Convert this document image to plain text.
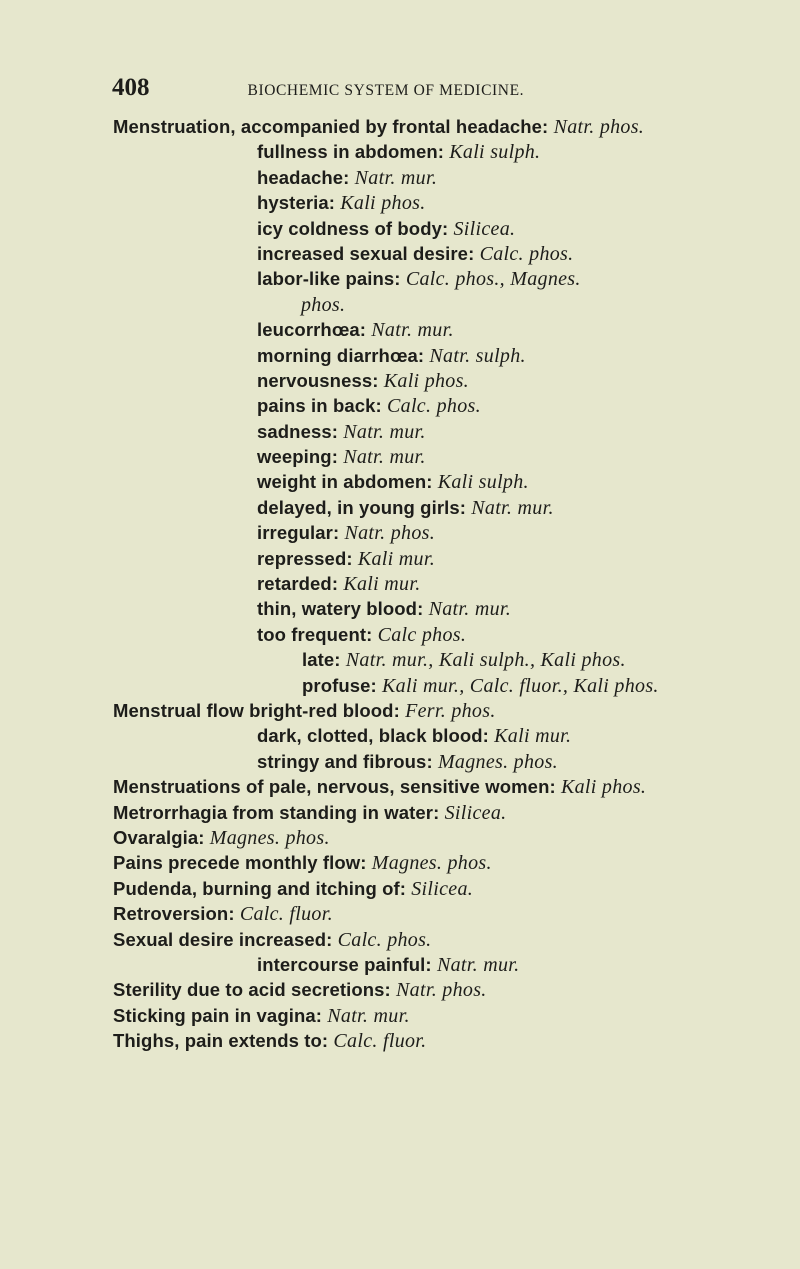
408	BIOCHEMIC SYSTEM OF MEDICINE.
Menstruation, accompanied by frontal headache: Natr. phos.
fullness in abdomen: Kali sulph.
headache: Natr. mur.
hysteria: Kali phos.
icy coldness of body: Silicea.
increased sexual desire: Calc. phos.
labor-like pains: Calc. phos., Magnes.
phos.
leucorrhœa: Natr. mur.
morning diarrhœa: Natr. sulph.
nervousness: Kali phos.
pains in back: Calc. phos.
sadness: Natr. mur.
weeping: Natr. mur.
weight in abdomen: Kali sulph.
delayed, in young girls: Natr. mur.
irregular: Natr. phos.
repressed: Kali mur.
retarded: Kali mur.
thin, watery blood: Natr. mur.
too frequent: Calc phos.
late: Natr. mur., Kali sulph., Kali phos.
profuse: Kali mur., Calc. fluor., Kali phos.
Menstrual flow bright-red blood: Ferr. phos.
dark, clotted, black blood: Kali mur.
stringy and fibrous: Magnes. phos.
Menstruations of pale, nervous, sensitive women: Kali phos.
Metrorrhagia from standing in water: Silicea.
Ovaralgia: Magnes. phos.
Pains precede monthly flow: Magnes. phos.
Pudenda, burning and itching of: Silicea.
Retroversion: Calc. fluor.
Sexual desire increased: Calc. phos.
intercourse painful: Natr. mur.
Sterility due to acid secretions: Natr. phos.
Sticking pain in vagina: Natr. mur.
Thighs, pain extends to: Calc. fluor.
